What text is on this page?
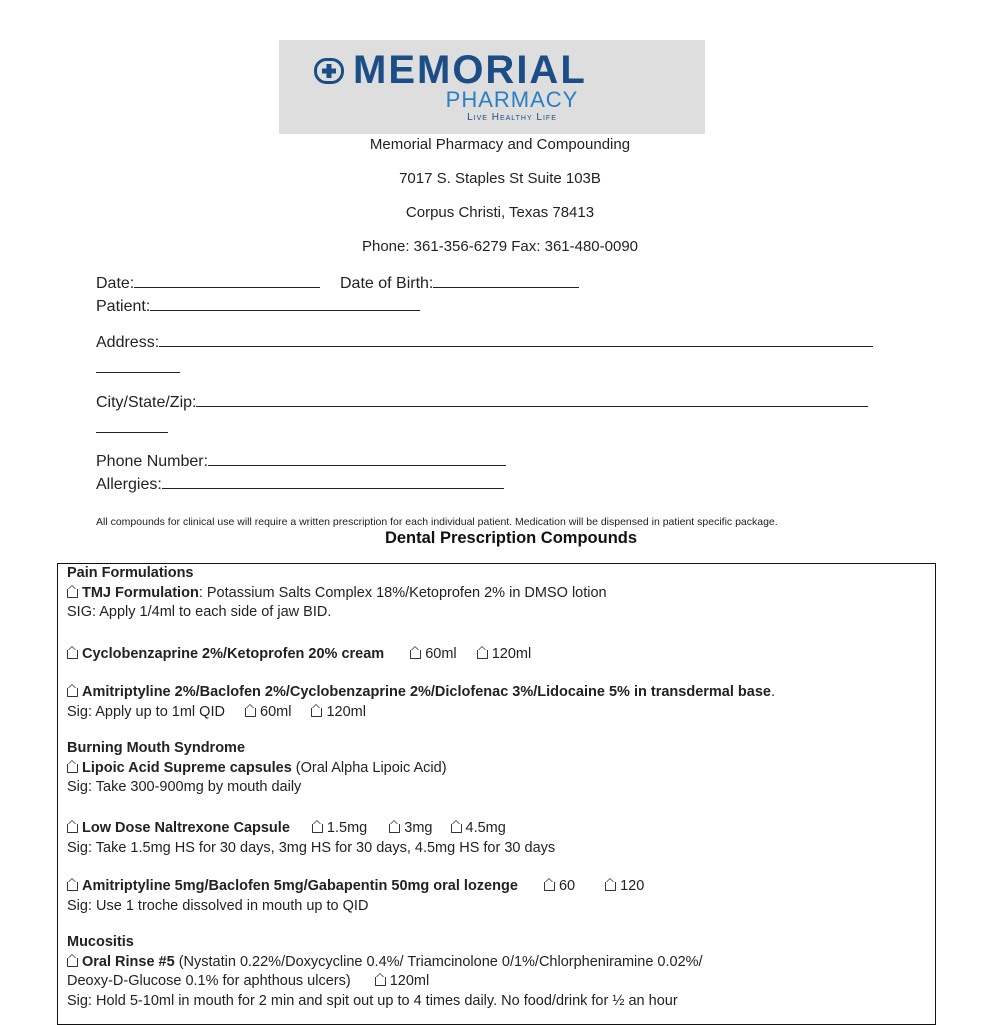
MEMORIAL
PHARMACY
Live Healthy Life
Memorial Pharmacy and Compounding
7017 S. Staples St Suite 103B
Corpus Christi, Texas 78413
Phone: 361-356-6279 Fax: 361-480-0090
Date:	Date of Birth:
Patient:
Address:
City/State/Zip:
Phone Number:
Allergies:
All compounds for clinical use will require a written prescription for each individual patient. Medication will be dispensed in patient specific package.
Dental Prescription Compounds
Pain Formulations
TMJ Formulation: Potassium Salts Complex 18%/Ketoprofen 2% in DMSO lotion
SIG: Apply 1/4ml to each side of jaw BID.
Cyclobenzaprine 2%/Ketoprofen 20% cream	60ml 120ml
Amitriptyline 2%/Baclofen 2%/Cyclobenzaprine 2%/Diclofenac 3%/Lidocaine 5% in transdermal base.
Sig: Apply up to 1ml QID 60ml 120ml
Burning Mouth Syndrome
Lipoic Acid Supreme capsules (Oral Alpha Lipoic Acid)
Sig: Take 300-900mg by mouth daily
Low Dose Naltrexone Capsule	1.5mg	3mg 4.5mg
Sig: Take 1.5mg HS for 30 days, 3mg HS for 30 days, 4.5mg HS for 30 days
Amitriptyline 5mg/Baclofen 5mg/Gabapentin 50mg oral lozenge	60	120
Sig: Use 1 troche dissolved in mouth up to QID
Mucositis
Oral Rinse #5 (Nystatin 0.22%/Doxycycline 0.4%/ Triamcinolone 0/1%/Chlorpheniramine 0.02%/
Deoxy-D-Glucose 0.1% for aphthous ulcers)	120ml
Sig: Hold 5-10ml in mouth for 2 min and spit out up to 4 times daily. No food/drink for ½ an hour
